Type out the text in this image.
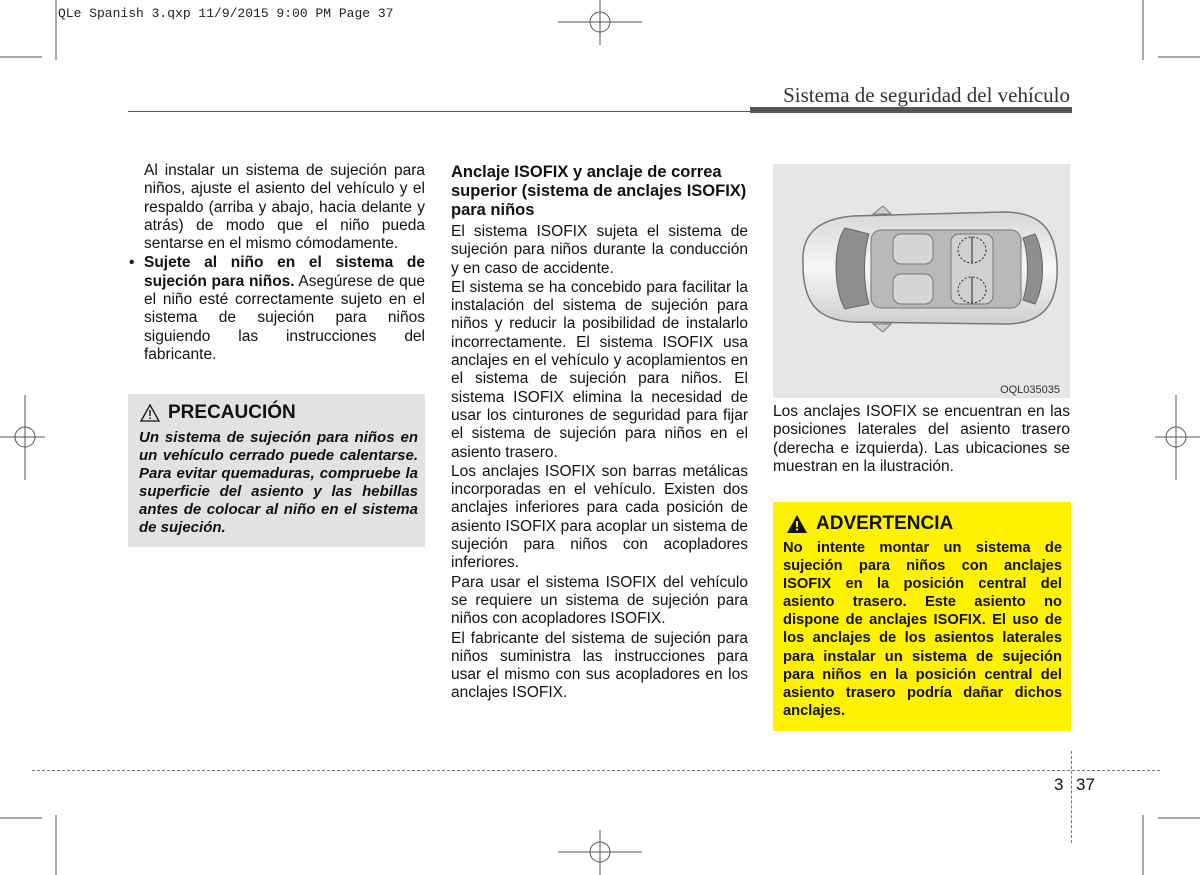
QLe Spanish 3.qxp 11/9/2015 9:00 PM Page 37
Sistema de seguridad del vehículo

Al instalar un sistema de sujeción para niños, ajuste el asiento del vehículo y el respaldo (arriba y abajo, hacia delante y atrás) de modo que el niño pueda sentarse en el mismo cómodamente.

• Sujete al niño en el sistema de sujeción para niños. Asegúrese de que el niño esté correctamente sujeto en el sistema de sujeción para niños siguiendo las instrucciones del fabricante.

PRECAUCIÓN

Un sistema de sujeción para niños en un vehículo cerrado puede calentarse. Para evitar quemaduras, compruebe la superficie del asiento y las hebillas antes de colocar al niño en el sistema de sujeción.

Anclaje ISOFIX y anclaje de correa superior (sistema de anclajes ISOFIX) para niños

El sistema ISOFIX sujeta el sistema de sujeción para niños durante la conducción y en caso de accidente.

El sistema se ha concebido para facilitar la instalación del sistema de sujeción para niños y reducir la posibilidad de instalarlo incorrectamente. El sistema ISOFIX usa anclajes en el vehículo y acoplamientos en el sistema de sujeción para niños. El sistema ISOFIX elimina la necesidad de usar los cinturones de seguridad para fijar el sistema de sujeción para niños en el asiento trasero.

Los anclajes ISOFIX son barras metálicas incorporadas en el vehículo. Existen dos anclajes inferiores para cada posición de asiento ISOFIX para acoplar un sistema de sujeción para niños con acopladores inferiores.

Para usar el sistema ISOFIX del vehículo se requiere un sistema de sujeción para niños con acopladores ISOFIX.

El fabricante del sistema de sujeción para niños suministra las instrucciones para usar el mismo con sus acopladores en los anclajes ISOFIX.

OQL035035

Los anclajes ISOFIX se encuentran en las posiciones laterales del asiento trasero (derecha e izquierda). Las ubicaciones se muestran en la ilustración.

ADVERTENCIA

No intente montar un sistema de sujeción para niños con anclajes ISOFIX en la posición central del asiento trasero. Este asiento no dispone de anclajes ISOFIX. El uso de los anclajes de los asientos laterales para instalar un sistema de sujeción para niños en la posición central del asiento trasero podría dañar dichos anclajes.

3 37
